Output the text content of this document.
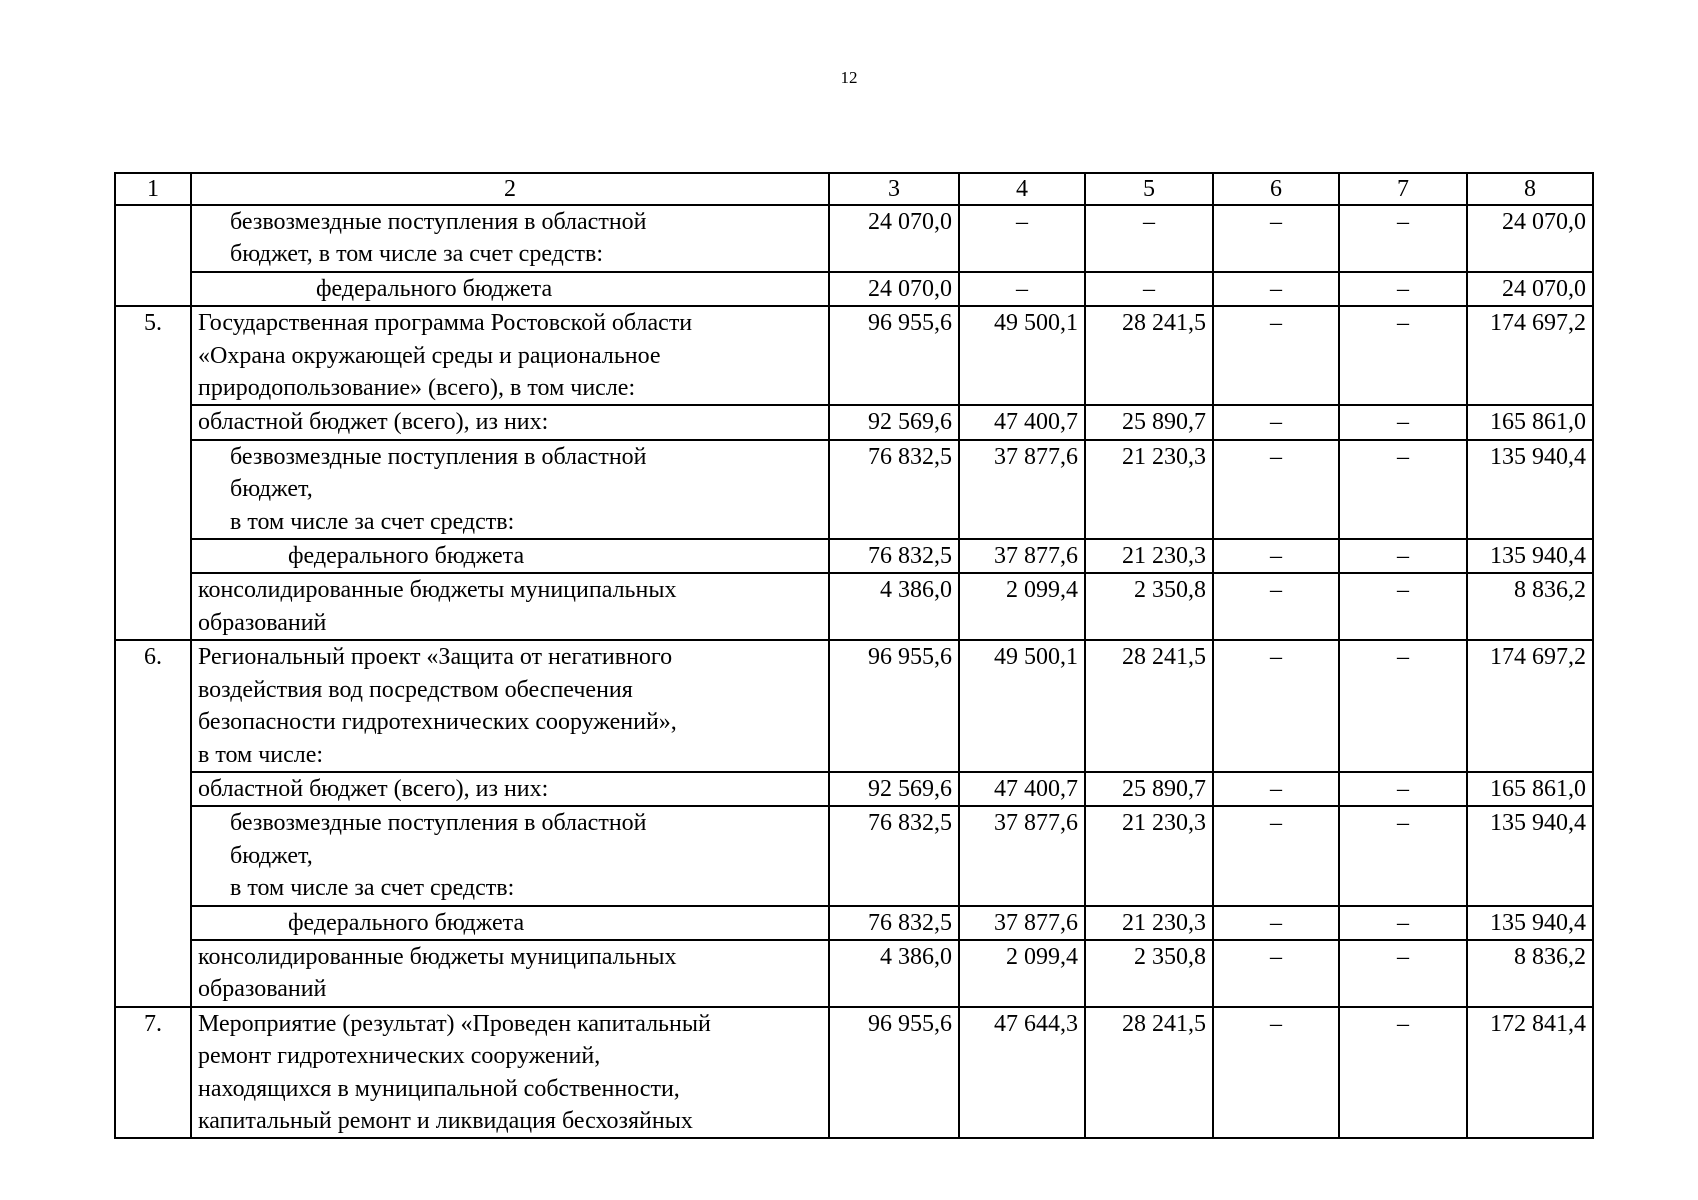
12
1	2	3	4	5	6	7	8

	безвозмездные поступления в областной
бюджет, в том числе за счет средств:	24 070,0	–	–	–	–	24 070,0

	федерального бюджета	24 070,0	–	–	–	–	24 070,0
5.	Государственная программа Ростовской области
«Охрана окружающей среды и рациональное
природопользование» (всего), в том числе:	96 955,6	49 500,1	28 241,5	–	–	174 697,2

	областной бюджет (всего), из них:	92 569,6	47 400,7	25 890,7	–	–	165 861,0

	безвозмездные поступления в областной
бюджет,
в том числе за счет средств:	76 832,5	37 877,6	21 230,3	–	–	135 940,4

	федерального бюджета	76 832,5	37 877,6	21 230,3	–	–	135 940,4

	консолидированные бюджеты муниципальных
образований	4 386,0	2 099,4	2 350,8	–	–	8 836,2
6.	Региональный проект «Защита от негативного
воздействия вод посредством обеспечения
безопасности гидротехнических сооружений»,
в том числе:	96 955,6	49 500,1	28 241,5	–	–	174 697,2

	областной бюджет (всего), из них:	92 569,6	47 400,7	25 890,7	–	–	165 861,0

	безвозмездные поступления в областной
бюджет,
в том числе за счет средств:	76 832,5	37 877,6	21 230,3	–	–	135 940,4

	федерального бюджета	76 832,5	37 877,6	21 230,3	–	–	135 940,4

	консолидированные бюджеты муниципальных
образований	4 386,0	2 099,4	2 350,8	–	–	8 836,2
7.	Мероприятие (результат) «Проведен капитальный
ремонт гидротехнических сооружений,
находящихся в муниципальной собственности,
капитальный ремонт и ликвидация бесхозяйных	96 955,6	47 644,3	28 241,5	–	–	172 841,4
